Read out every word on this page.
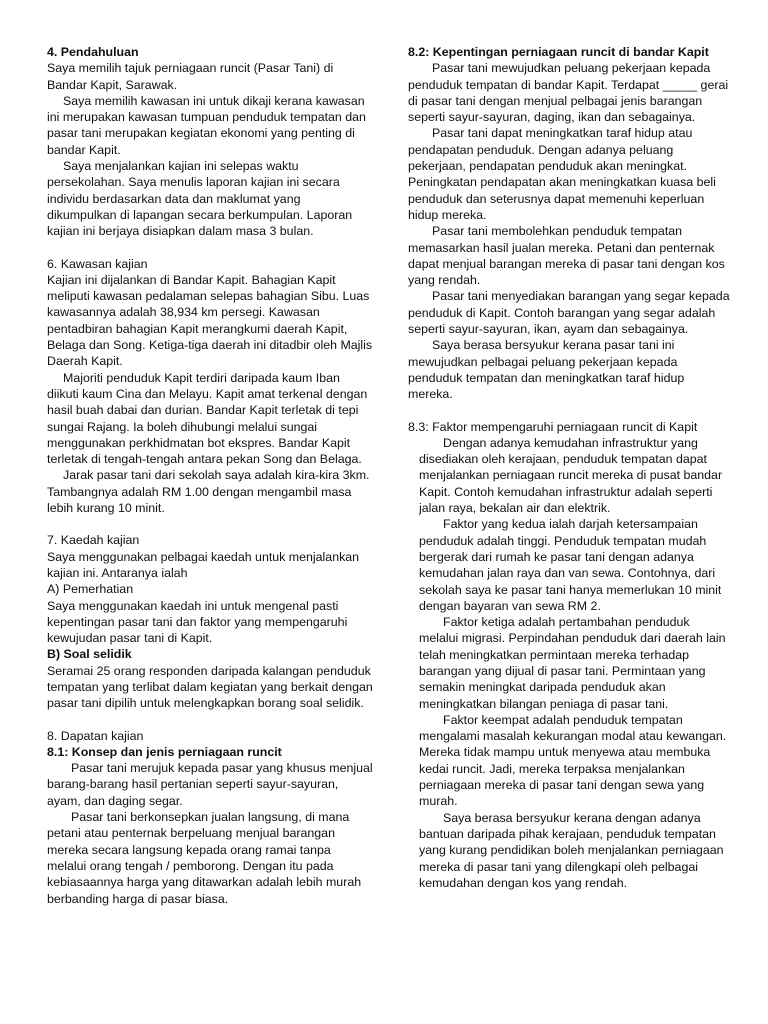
4. Pendahuluan

Saya memilih tajuk perniagaan runcit (Pasar Tani) di Bandar Kapit, Sarawak.

Saya memilih kawasan ini untuk dikaji kerana kawasan ini merupakan kawasan tumpuan penduduk tempatan dan pasar tani merupakan kegiatan ekonomi yang penting di bandar Kapit.

Saya menjalankan kajian ini selepas waktu persekolahan. Saya menulis laporan kajian ini secara individu berdasarkan data dan maklumat yang dikumpulkan di lapangan secara berkumpulan. Laporan kajian ini berjaya disiapkan dalam masa 3 bulan.

6. Kawasan kajian

Kajian ini dijalankan di Bandar Kapit. Bahagian Kapit meliputi kawasan pedalaman selepas bahagian Sibu. Luas kawasannya adalah 38,934 km persegi. Kawasan pentadbiran bahagian Kapit merangkumi daerah Kapit, Belaga dan Song. Ketiga-tiga daerah ini ditadbir oleh Majlis Daerah Kapit.

Majoriti penduduk Kapit terdiri daripada kaum Iban diikuti kaum Cina dan Melayu. Kapit amat terkenal dengan hasil buah dabai dan durian. Bandar Kapit terletak di tepi sungai Rajang. Ia boleh dihubungi melalui sungai menggunakan perkhidmatan bot ekspres. Bandar Kapit terletak di tengah-tengah antara pekan Song dan Belaga.

Jarak pasar tani dari sekolah saya adalah kira-kira 3km. Tambangnya adalah RM 1.00 dengan mengambil masa lebih kurang 10 minit.

7. Kaedah kajian

Saya menggunakan pelbagai kaedah untuk menjalankan kajian ini. Antaranya ialah

A) Pemerhatian

Saya menggunakan kaedah ini untuk mengenal pasti kepentingan pasar tani dan faktor yang mempengaruhi kewujudan pasar tani di Kapit.

B) Soal selidik

Seramai 25 orang responden daripada kalangan penduduk tempatan yang terlibat dalam kegiatan yang berkait dengan pasar tani dipilih untuk melengkapkan borang soal selidik.

8. Dapatan kajian

8.1: Konsep dan jenis perniagaan runcit

Pasar tani merujuk kepada pasar yang khusus menjual barang-barang hasil pertanian seperti sayur-sayuran, ayam, dan daging segar.

Pasar tani berkonsepkan jualan langsung, di mana petani atau penternak berpeluang menjual barangan mereka secara langsung kepada orang ramai tanpa melalui orang tengah / pemborong. Dengan itu pada kebiasaannya harga yang ditawarkan adalah lebih murah berbanding harga di pasar biasa.

8.2: Kepentingan perniagaan runcit di bandar Kapit

Pasar tani mewujudkan peluang pekerjaan kepada penduduk tempatan di bandar Kapit. Terdapat _____ gerai di pasar tani dengan menjual pelbagai jenis barangan seperti sayur-sayuran, daging, ikan dan sebagainya.

Pasar tani dapat meningkatkan taraf hidup atau pendapatan penduduk. Dengan adanya peluang pekerjaan, pendapatan penduduk akan meningkat. Peningkatan pendapatan akan meningkatkan kuasa beli penduduk dan seterusnya dapat memenuhi keperluan hidup mereka.

Pasar tani membolehkan penduduk tempatan memasarkan hasil jualan mereka. Petani dan penternak dapat menjual barangan mereka di pasar tani dengan kos yang rendah.

Pasar tani menyediakan barangan yang segar kepada penduduk di Kapit. Contoh barangan yang segar adalah seperti sayur-sayuran, ikan, ayam dan sebagainya.

Saya berasa bersyukur kerana pasar tani ini mewujudkan pelbagai peluang pekerjaan kepada penduduk tempatan dan meningkatkan taraf hidup mereka.

8.3: Faktor mempengaruhi perniagaan runcit di Kapit

Dengan adanya kemudahan infrastruktur yang disediakan oleh kerajaan, penduduk tempatan dapat menjalankan perniagaan runcit mereka di pusat bandar Kapit. Contoh kemudahan infrastruktur adalah seperti jalan raya, bekalan air dan elektrik.

Faktor yang kedua ialah darjah ketersampaian penduduk adalah tinggi. Penduduk tempatan mudah bergerak dari rumah ke pasar tani dengan adanya kemudahan jalan raya dan van sewa. Contohnya, dari sekolah saya ke pasar tani hanya memerlukan 10 minit dengan bayaran van sewa RM 2.

Faktor ketiga adalah pertambahan penduduk melalui migrasi. Perpindahan penduduk dari daerah lain telah meningkatkan permintaan mereka terhadap barangan yang dijual di pasar tani. Permintaan yang semakin meningkat daripada penduduk akan meningkatkan bilangan peniaga di pasar tani.

Faktor keempat adalah penduduk tempatan mengalami masalah kekurangan modal atau kewangan. Mereka tidak mampu untuk menyewa atau membuka kedai runcit. Jadi, mereka terpaksa menjalankan perniagaan mereka di pasar tani dengan sewa yang murah.

Saya berasa bersyukur kerana dengan adanya bantuan daripada pihak kerajaan, penduduk tempatan yang kurang pendidikan boleh menjalankan perniagaan mereka di pasar tani yang dilengkapi oleh pelbagai kemudahan dengan kos yang rendah.
